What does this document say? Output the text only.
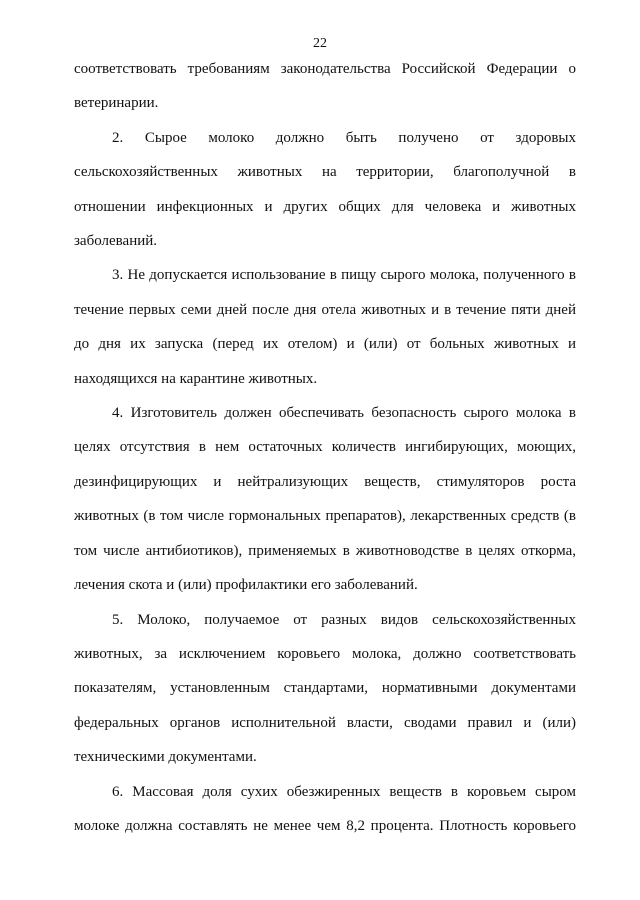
22
соответствовать требованиям законодательства Российской Федерации о
ветеринарии.
2. Сырое молоко должно быть получено от здоровых
сельскохозяйственных животных на территории, благополучной в
отношении инфекционных и других общих для человека и животных
заболеваний.
3. Не допускается использование в пищу сырого молока, полученного в
течение первых семи дней после дня отела животных и в течение пяти дней
до дня их запуска (перед их отелом) и (или) от больных животных и
находящихся на карантине животных.
4. Изготовитель должен обеспечивать безопасность сырого молока в
целях отсутствия в нем остаточных количеств ингибирующих, моющих,
дезинфицирующих и нейтрализующих веществ, стимуляторов роста
животных (в том числе гормональных препаратов), лекарственных средств (в
том числе антибиотиков), применяемых в животноводстве в целях откорма,
лечения скота и (или) профилактики его заболеваний.
5. Молоко, получаемое от разных видов сельскохозяйственных
животных, за исключением коровьего молока, должно соответствовать
показателям, установленным стандартами, нормативными документами
федеральных органов исполнительной власти, сводами правил и (или)
техническими документами.
6. Массовая доля сухих обезжиренных веществ в коровьем сыром
молоке должна составлять не менее чем 8,2 процента. Плотность коровьего
